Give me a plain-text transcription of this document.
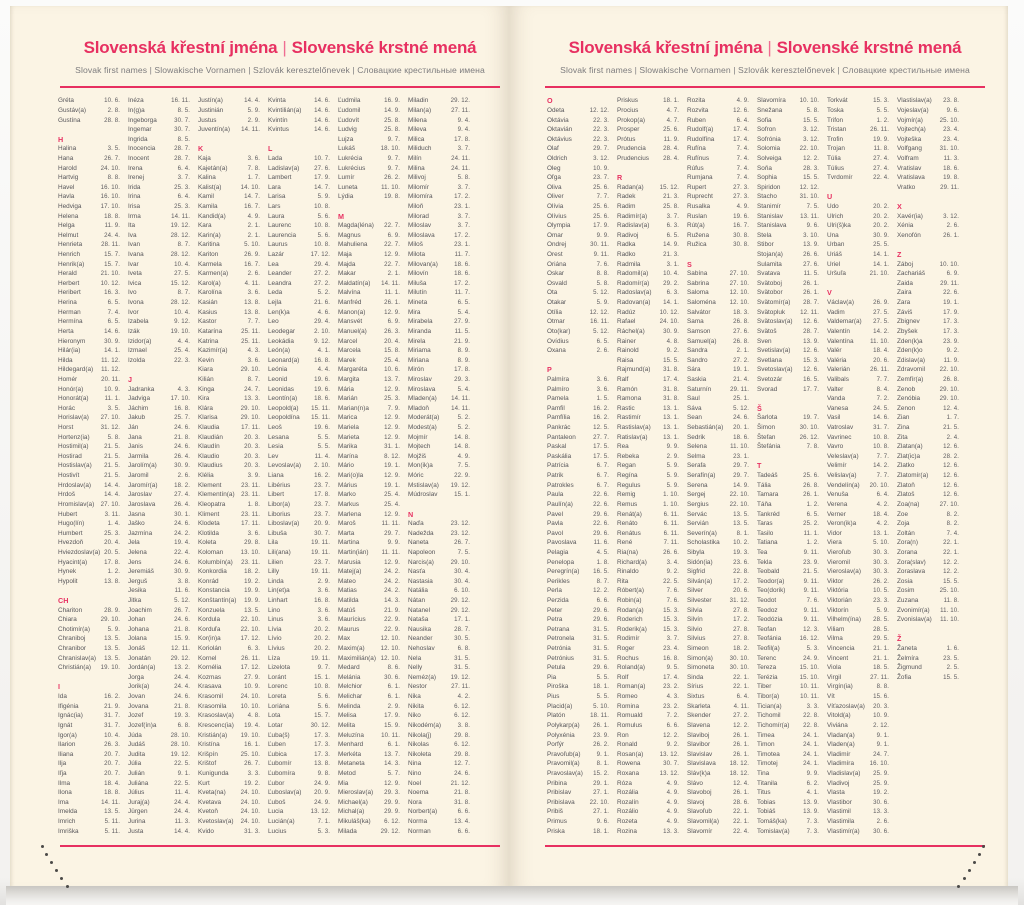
Slovenská křestní jména | Slovenské krstné mená
Slovak first names | Slowakische Vornamen | Szlovák keresztelőnevek | Словацкие крестильные имена
Gréta	10. 6.
Gustáv(a)	2. 8.
Gustína	28. 8.
H
Halina	3. 5.
Hana	26. 7.
Harold	24. 10.
Hartvig	8. 8.
Havel	16. 10.
Havla	16. 10.
Hedviga	17. 10.
Helena	18. 8.
Helga	11. 9.
Helmut	24. 4.
Henrieta	28. 11.
Henrich	15. 7.
Henrik(a)	15. 7.
Herald	21. 10.
Herbert	10. 12.
Heribert	16. 3.
Herina	6. 5.
Herman	7. 4.
Hermína	6. 5.
Herta	14. 6.
Hieronym	30. 9.
Hilár(ia)	14. 1.
Hilda	11. 12.
Hildegard(a) 11. 12.
Homér	20. 11.
Honór(a)	10. 9.
Honorát(a)	11. 1.
Horác	3. 5.
Horislav(a) 27. 10.
Horst	31. 12.
Hortenz(ia)	5. 8.
Hostimil(a)	21. 5.
Hostirad	21. 5.
Hostislav(a) 21. 5.
Hostivít	21. 5.
Hrdoslav(a) 14. 4.
Hrdoš	14. 4.
Hromislav(a) 27. 10.
Hubert	3. 11.
Hugo(lín)	1. 4.
Humbert	25. 3.
Hvezdoň	20. 4.
Hviezdoslav(a) 20. 5.
Hyacint(a)	17. 8.
Hynek	1. 2.
Hypolit	13. 8.
CH
Chariton	28. 9.
Chiara	29. 10.
Chotimír(a)	5. 9.
Chraniboj	13. 5.
Chranibor	13. 5.
Chranislav(a) 13. 5.
Christián(a) 19. 10.
I
Ida	16. 2.
Ifigénia	21. 9.
Ignác(ia)	31. 7.
Ignát	31. 7.
Igor(a)	10. 4.
Ilarion	26. 3.
Iliana	20. 7.
Ilja	20. 7.
Iľja	20. 7.
Ilma	18. 4.
Ilona	18. 8.
Ima	14. 11.
Imelda	13. 5.
Imrich	5. 11.
Imriška	5. 11.
Inéza	16. 11.
In(g)a	8. 5.
Ingeborga	30. 7.
Ingemar	30. 7.
Ingrida	8. 5.
Inocencia	28. 7.
Inocent	28. 7.
Irena	6. 4.
Irenej	3. 7.
Irida	25. 3.
Irina	6. 4.
Irisa	25. 3.
Irma	14. 11.
Ita	19. 12.
Iva	28. 12.
Ivan	8. 7.
Ivana	28. 12.
Ivar	10. 4.
Iveta	27. 5.
Ivica	15. 12.
Ivo	8. 7.
Ivona	28. 12.
Ivor	10. 4.
Izabela	9. 12.
Izák	19. 10.
Izidor(a)	4. 4.
Izmael	25. 4.
Izolda	22. 3.
J
Jadranka	4. 3.
Jadviga	17. 10.
Jáchim	16. 8.
Jakub	25. 7.
Ján	24. 6.
Jana	21. 8.
Janis	24. 6.
Jarmila	26. 4.
Jarolím(a)	30. 9.
Jaromil	2. 6.
Jaromír(a)	18. 2.
Jaroslav	27. 4.
Jaroslava	26. 4.
Jasna	30. 1.
Jaško	24. 6.
Jazmína	24. 2.
Jela	19. 4.
Jelena	22. 4.
Jens	24. 6.
Jeremiáš	30. 9.
Jerguš	3. 8.
Jesika	11. 6.
Jitka	5. 12.
Joachim	26. 7.
Johan	24. 6.
Johana	21. 8.
Jolana	15. 9.
Jonáš	12. 11.
Jonatán	29. 12.
Jordán(a)	13. 2.
Jorga	24. 4.
Jorik(a)	24. 4.
Jovan	24. 6.
Jovana	21. 8.
Jozef	19. 3.
Jozef(ín)a	6. 8.
Júda	28. 10.
Judáš	28. 10.
Judita	19. 12.
Júlia	22. 5.
Julián	9. 1.
Juliána	22. 5.
Július	11. 4.
Juraj(a)	24. 4.
Jürgen	24. 4.
Jurina	11. 3.
Justa	14. 4.
Justín(a)	14. 4.
Justinián	5. 9.
Justus	2. 9.
Juventín(a) 14. 11.
K
Kaja	3. 6.
Kajetán(a)	7. 8.
Kalina	1. 7.
Kalist(a)	14. 10.
Kamil	14. 7.
Kamila	16. 7.
Kandid(a)	4. 9.
Kara	2. 1.
Karin(a)	2. 1.
Karitina	5. 10.
Kariton	26. 9.
Karmela	16. 7.
Karmen(a)	2. 6.
Karol(a)	4. 11.
Karolína	3. 6.
Kasián	13. 8.
Kasius	13. 8.
Kastor	7. 7.
Katarína	25. 11.
Katrina	25. 11.
Kazimír(a)	4. 3.
Kevin	3. 6.
Kiara	29. 10.
Kilián	8. 7.
Kinga	24. 7.
Kira	13. 3.
Klára	29. 10.
Klarisa	29. 10.
Klaudia	17. 11.
Klaudián	20. 3.
Klaudín	20. 3.
Klaudio	20. 3.
Klaudius	20. 3.
Klélia	3. 9.
Klement	23. 11.
Klementín(a) 23. 11.
Kleopatra	1. 8.
Kliment	23. 11.
Klodeta	17. 11.
Klotilda	3. 6.
Koleta	29. 8.
Koloman	13. 10.
Kolumbín(a) 23. 11.
Konkordia	18. 2.
Konrád	19. 2.
Konstancia 19. 9.
Konštantín(a) 19. 9.
Konzuela	13. 5.
Kordula	22. 10.
Korduľa	22. 10.
Kor(in)a	17. 12.
Koriolán	6. 3.
Kornel	26. 11.
Kornélia	17. 12.
Kozmas	27. 9.
Krasava	10. 9.
Krasomil	24. 10.
Krasomila 10. 10.
Krasoslav(a) 4. 8.
Krescenc(ia) 19. 4.
Kristián(a) 19. 10.
Kristína	16. 1.
Krišpín	25. 10.
Krištof	26. 7.
Kunigunda	3. 3.
Kurt	19. 2.
Kveta(na) 24. 10.
Kvetava	24. 10.
Kvetoň	24. 10.
Kvetoslav(a) 24. 10.
Kvido	31. 3.
Kvinta	14. 6.
Kvintilián(a) 14. 6.
Kvintín	14. 6.
Kvintus	14. 6.
L
Lada	10. 7.
Ladislav(a) 27. 6.
Lambert	17. 9.
Lara	14. 7.
Larisa	5. 9.
Lars	10. 8.
Laura	5. 6.
Laurenc	10. 8.
Laurencia	5. 6.
Laurus	10. 8.
Lazár	17. 12.
Lea	29. 4.
Leander	27. 2.
Leandra	27. 2.
Leda	5. 2.
Lejla	21. 6.
Len(k)a	4. 6.
Leo	29. 4.
Leodegar	2. 10.
Leokádia	9. 12.
León(a)	4. 1.
Leonard(a) 16. 8.
Leónia	4. 4.
Leonid	19. 6.
Leonidas	19. 6.
Leontín(a)	18. 6.
Leopold(a) 15. 11.
Leopoldína 15. 11.
Leoš	19. 6.
Lesana	5. 5.
Lesia	5. 5.
Lev	11. 4.
Levoslav(a) 2. 10.
Liana	16. 2.
Libérius	23. 7.
Libert	17. 8.
Libor(a)	23. 7.
Liborius	23. 7.
Liboslav(a) 20. 9.
Libuša	30. 7.
Lila	19. 11.
Lili(ana)	19. 11.
Lilien	23. 7.
Lilly	19. 11.
Linda	2. 9.
Lin(et)a	3. 6.
Linhart	16. 8.
Lino	3. 6.
Linus	3. 6.
Lívia	20. 2.
Lívio	20. 2.
Lívius	20. 2.
Líza	19. 11.
Lizelota	9. 7.
Loránt	15. 1.
Lorenc	10. 8.
Loreta	5. 6.
Loriána	5. 6.
Lota	15. 7.
Lotar	30. 12.
Ľuba(š)	17. 3.
Ľuben	17. 3.
Ľubica	17. 3.
Ľubomír	13. 8.
Ľubomíra	9. 8.
Ľubor	24. 9.
Ľuboslav(a) 20. 9.
Ľuboš	24. 9.
Lucia	13. 12.
Lucián(a)	7. 1.
Lucius	5. 3.
Ľudmila	16. 9.
Ľudomil	14. 9.
Ľudovít	25. 8.
Ludvig	25. 8.
Lujza	9. 7.
Lukáš	18. 10.
Lukrécia	9. 7.
Lukrécius	9. 7.
Lumír	26. 2.
Luneta	11. 10.
Lýdia	19. 8.
M
Magda(léna) 22. 7.
Magnus	6. 9.
Mahuliena	22. 7.
Maja	12. 9.
Majda	22. 7.
Makar	2. 1.
Maldatín(a) 14. 11.
Malvína	11. 1.
Manfréd	26. 1.
Manon(a)	12. 9.
Mansvét	6. 9.
Manuel(a)	26. 3.
Marcel	20. 4.
Marcela	15. 8.
Marek	25. 4.
Margaréta	10. 6.
Margita	13. 7.
Mária	12. 9.
Marián	25. 3.
Marian(n)a	7. 9.
Marica	12. 9.
Mariela	12. 9.
Marieta	12. 9.
Marika	31. 1.
Marína	8. 12.
Mário	19. 1.
Mari(o)la	12. 9.
Márius	19. 1.
Marko	25. 4.
Markus	25. 4.
Marlena	12. 9.
Maroš	11. 11.
Marta	29. 7.
Martina	9. 9.
Martin(ián) 11. 11.
Marusia	12. 9.
Matej(a)	24. 2.
Mateo	24. 2.
Matias	24. 2.
Matilda	14. 3.
Matúš	21. 9.
Maurícius	22. 9.
Maurus	22. 9.
Max	12. 10.
Maxim(a)	12. 10.
Maximilián(a) 12. 10.
Medard	8. 6.
Melánia	30. 6.
Melchior	6. 1.
Melichar	6. 1.
Melinda	2. 9.
Melisa	17. 9.
Melita	15. 9.
Meluzína	10. 11.
Menhard	6. 1.
Merkéta	13. 7.
Metaneta	14. 3.
Metod	5. 7.
Mia	12. 9.
Mieroslav(a) 29. 3.
Michael(a)	29. 9.
Michal(a)	29. 9.
Mikuláš(ka) 6. 12.
Milada	29. 12.
Miladin	29. 12.
Milan(a)	27. 11.
Milena	9. 4.
Mileva	9. 4.
Milica	17. 8.
Miliduch	3. 7.
Milín	24. 11.
Milina	24. 11.
Milivoj	5. 8.
Milomír	3. 7.
Milomíra	17. 2.
Miloň	23. 1.
Milorad	3. 7.
Miloslav	3. 7.
Miloslava	17. 2.
Miloš	23. 1.
Milota	11. 7.
Milovan(a)	18. 6.
Milovín	18. 6.
Miluša	17. 2.
Milutín	11. 7.
Mineta	6. 5.
Mira	5. 4.
Mirabela	27. 9.
Miranda	11. 5.
Mirela	21. 9.
Miriama	8. 9.
Miriana	8. 9.
Mirón	17. 8.
Miroslav	29. 3.
Miroslava	5. 4.
Mladen(a) 14. 11.
Mladoň	14. 11.
Moderát(a)	5. 2.
Modest(a)	5. 2.
Mojmír	14. 8.
Mojtech	14. 8.
Mojžiš	4. 9.
Mon(ik)a	7. 5.
Móric	22. 9.
Mstislav(a) 19. 12.
Múdroslav	15. 1.
N
Naďa	23. 12.
Nadežda	23. 12.
Naneta	26. 7.
Napoleon	7. 5.
Narcis(a)	29. 10.
Nasťa	30. 4.
Nastasia	30. 4.
Natália	6. 10.
Nátan	29. 12.
Natanel	29. 12.
Nataša	17. 1.
Nausika	28. 7.
Neander	30. 5.
Nehoslav	6. 8.
Nela	31. 5.
Nelly	31. 5.
Neméz(a) 19. 12.
Nestor	27. 11.
Nika	4. 2.
Nikita	6. 12.
Niko	6. 12.
Nikodém(a)	3. 8.
Nikola(j)	29. 8.
Nikolas	6. 12.
Nikoleta	29. 8.
Nina	12. 7.
Nino	24. 6.
Noel	21. 12.
Noema	21. 8.
Nora	31. 8.
Norbert(a)	6. 6.
Norma	13. 4.
Norman	6. 6.
Slovenská křestní jména | Slovenské krstné mená
Slovak first names | Slowakische Vornamen | Szlovák keresztelőnevek | Словацкие крестильные имена
O
Odeta	12. 12.
Oktávia	22. 3.
Oktavián	22. 3.
Oktávius	22. 3.
Olaf	29. 7.
Oldrich	3. 12.
Oleg	10. 9.
Oľga	23. 7.
Oliva	25. 6.
Oliver	7. 7.
Olívia	25. 6.
Olívius	25. 6.
Olympia	17. 9.
Omar	9. 9.
Ondrej	30. 11.
Orest	9. 11.
Oriána	7. 6.
Oskar	8. 8.
Osvald	5. 8.
Ota	5. 12.
Otakar	5. 9.
Otília	12. 12.
Otmar	16. 11.
Oto(kar)	5. 12.
Ovídius	6. 5.
Oxana	2. 6.
P
Palmíra	3. 6.
Palmíro	3. 6.
Pamela	1. 5.
Pamfil	16. 2.
Pamfília	16. 2.
Pankrác	12. 5.
Pantaleon	27. 7.
Paskal	17. 5.
Paskália	17. 5.
Patrícia	6. 7.
Patrik	6. 7.
Patrokles	6. 7.
Paula	22. 6.
Paulín(a)	22. 6.
Pavel	29. 6.
Pavla	22. 6.
Pavol	29. 6.
Pavoslava	11. 6.
Pelagia	4. 5.
Penelopa	1. 8.
Peregrín(a) 16. 5.
Perikles	8. 7.
Perla	12. 2.
Perzida	6. 6.
Peter	29. 6.
Petra	29. 6.
Petrana	31. 5.
Petronela	31. 5.
Petrónia	31. 5.
Petrónius	31. 5.
Petula	29. 6.
Pia	5. 5.
Piroška	18. 1.
Pius	5. 5.
Placid(a)	5. 10.
Platón	18. 11.
Polykarp(a) 26. 1.
Polyxénia	23. 9.
Porfýr	26. 2.
Pravoľub(a)	9. 1.
Pravomil(a)	8. 1.
Pravoslav(a) 15. 2.
Pribina	29. 1.
Pribislav	27. 1.
Pribislava 22. 10.
Pribiš	27. 1.
Primus	9. 6.
Priska	18. 1.
Priskus	18. 1.
Procius	4. 7.
Prokop(a)	4. 7.
Prosper	25. 6.
Prótus	11. 9.
Prudencia	28. 4.
Prudencius 28. 4.
R
Radan(a)	15. 12.
Radek	21. 3.
Radim	25. 8.
Radimír(a)	3. 7.
Radislav(a)	6. 3.
Radivoj	6. 5.
Radka	14. 9.
Radko	21. 3.
Radmila	3. 1.
Radomil(a) 10. 4.
Radomír(a) 29. 2.
Radoslav(a) 6. 3.
Radovan(a) 14. 1.
Radúz	10. 12.
Rafael	24. 10.
Ráchel(a)	30. 9.
Rainer	4. 8.
Rainold	9. 2.
Raisa	15. 5.
Rajmund(a) 31. 8.
Ralf	17. 4.
Ramón	31. 8.
Ramona	31. 8.
Rastic	13. 1.
Rastimír	13. 1.
Rastislav(a) 13. 1.
Ratislav(a)	13. 1.
Rea	9. 9.
Rebeka	2. 9.
Regan	5. 9.
Regína	5. 9.
Regulus	5. 9.
Remig	1. 10.
Remus	1. 10.
Renát(a)	6. 11.
Renáto	6. 11.
Renátus	6. 11.
René	7. 11.
Ria(na)	26. 6.
Richard(a)	3. 4.
Rinaldo	9. 2.
Rita	22. 5.
Róbert(a)	7. 6.
Robin(a)	7. 6.
Rodan(a)	15. 3.
Roderich	15. 3.
Roderik(a)	15. 3.
Rodimír	3. 7.
Roger	23. 4.
Rochus	16. 8.
Roland(a)	9. 5.
Rolf	17. 4.
Roman(a)	23. 2.
Romeo	4. 3.
Romina	23. 2.
Romuald	7. 2.
Romulus	6. 6.
Ron	12. 2.
Ronald	9. 2.
Rosan(a)	13. 12.
Rowena	30. 7.
Roxana	13. 12.
Róza	4. 9.
Rozália	4. 9.
Rozalín	4. 9.
Rozálio	4. 9.
Rozeta	4. 9.
Rozina	13. 3.
Rozita	4. 9.
Rozvita	12. 6.
Ruben	6. 4.
Rudolf(a)	17. 4.
Rudolfína	17. 4.
Rufína	7. 4.
Rufínus	7. 4.
Rúfus	7. 4.
Rumjana	7. 4.
Rupert	27. 3.
Ruprecht	27. 3.
Rusalka	4. 9.
Ruslan	19. 6.
Rút(a)	16. 7.
Ružena	30. 8.
Ružica	30. 8.
S
Sabína	27. 10.
Sabrina	27. 10.
Saloma	12. 10.
Saloména 12. 10.
Salvátor	18. 3.
Sama	26. 8.
Samson	27. 6.
Samuel(a)	26. 8.
Sandra	2. 1.
Sandro	27. 2.
Sára	19. 1.
Saskia	21. 4.
Saturnín	29. 11.
Saul	25. 1.
Sáva	5. 12.
Sean	24. 6.
Sebastián(a) 20. 1.
Sedrik	18. 6.
Selena	11. 10.
Selma	23. 1.
Serafa	29. 7.
Serafín(a)	29. 7.
Serena	14. 9.
Sergej	22. 10.
Sergius	22. 10.
Servác	13. 5.
Servián	13. 5.
Severín(a)	8. 1.
Scholastika 10. 2.
Sibyla	19. 3.
Sidón(ia)	23. 6.
Sigfrid	22. 8.
Silván(a)	17. 2.
Silver	20. 6.
Silvester	31. 12.
Silvia	27. 8.
Silvín	17. 2.
Silvio	27. 8.
Silvius	27. 8.
Simeon	18. 2.
Simon(a)	30. 10.
Simoneta	30. 10.
Sinda	22. 1.
Sírius	22. 1.
Sixtus	6. 4.
Skarleta	4. 11.
Skender	27. 2.
Slavena	12. 2.
Slaviboj	26. 1.
Slavibor	26. 1.
Slavislav	26. 1.
Slavislava 18. 12.
Sláv(k)a	18. 12.
Slávo	12. 4.
Slavoboj	26. 1.
Slavoj	28. 6.
Slavoľub	22. 1.
Slavomil(a) 22. 1.
Slavomír	22. 4.
Slavomíra 10. 10.
Snežana	5. 8.
Sofia	15. 5.
Sofron	3. 12.
Sofrónia	3. 12.
Solomia	22. 10.
Solveiga	12. 2.
Soňa	28. 3.
Sophia	15. 5.
Spiridon	12. 12.
Stacho	31. 10.
Stanimír	7. 5.
Stanislav	13. 11.
Stanislava	9. 6.
Stela	3. 10.
Stibor	13. 9.
Stojan(a)	26. 6.
Sulamita	27. 6.
Svatava	11. 5.
Svätoboj	26. 1.
Svätobor	26. 1.
Svätomír(a) 28. 7.
Svätopluk 12. 11.
Svätoslav(a) 12. 6.
Svätoš	28. 7.
Sven	13. 9.
Svetislav(a) 12. 6.
Svetlana	15. 3.
Svetoslav(a) 12. 6.
Svetozár	16. 5.
Svorad	17. 7.
Š
Šarlota	19. 7.
Šimon	30. 10.
Štefan	26. 12.
Štefánia	7. 8.
T
Tadeáš	25. 6.
Tália	26. 8.
Tamara	26. 1.
Táňa	1. 2.
Tankréd	6. 5.
Taras	25. 2.
Tasilo	11. 1.
Tatiana	1. 2.
Tea	9. 11.
Tekla	23. 9.
Teobald	21. 5.
Teodor(a)	9. 11.
Teo(dorik)	9. 11.
Teodot	7. 6.
Teodoz	9. 11.
Teodózia	9. 11.
Teofan	12. 3.
Teofánia	16. 12.
Teofil(a)	5. 3.
Terenc	24. 9.
Tereza	15. 10.
Terézia	15. 10.
Tiber	10. 11.
Tibor(a)	10. 11.
Tician(a)	3. 3.
Tichomil	22. 8.
Tichomír(a) 22. 8.
Timea	24. 1.
Timon	24. 1.
Timotea	24. 1.
Timotej	24. 1.
Tina	9. 9.
Titanila	6. 2.
Titus	4. 1.
Tobias	13. 9.
Tobiáš	13. 9.
Tomáš(ka)	7. 3.
Tomislav(a)	7. 3.
Torkvát	15. 3.
Toska	5. 5.
Trifon	1. 2.
Tristan	26. 11.
Trofin	19. 9.
Trojan	11. 8.
Túlia	27. 4.
Túlius	27. 4.
Tvrdomír	22. 4.
U
Udo	20. 2.
Ulrich	20. 2.
Ulri(š)ka	20. 2.
Una	30. 9.
Urban	25. 5.
Uriáš	14. 1.
Uriel	14. 1.
Uršuľa	21. 10.
V
Václav(a)	26. 9.
Vadim	27. 5.
Valdemar(a) 27. 5.
Valentín	14. 2.
Valentína	11. 10.
Valér	18. 4.
Valéria	20. 6.
Valerián	26. 11.
Valibals	7. 7.
Valter	8. 4.
Vanda	7. 2.
Vanesa	24. 5.
Vasil	14. 6.
Vatroslav	31. 7.
Vavrinec	10. 8.
Vavro	10. 8.
Veleslav(a)	7. 7.
Velimír	14. 2.
Velislav(a)	7. 7.
Vendelín(a) 20. 10.
Venuša	6. 4.
Verena	4. 2.
Verner	18. 4.
Veron(ik)a	4. 2.
Vidor	13. 1.
Viera	5. 10.
Vieroľub	30. 3.
Vieromil	30. 3.
Vieroslav(a) 30. 3.
Viktor	26. 2.
Viktória	10. 5.
Viktorián	23. 3.
Viktorín	5. 9.
Vilhelm(ína) 28. 5.
Viliam	28. 5.
Vilma	29. 5.
Vincencia	21. 1.
Vincent	21. 1.
Viola	18. 5.
Virgil	27. 11.
Virgín(ia)	8. 8.
Vít	15. 6.
Víťazoslav(a) 20. 3.
Vitold(a)	10. 9.
Viviána	2. 12.
Vladan(a)	9. 1.
Vladen(a)	9. 1.
Vladimír	24. 7.
Vladimíra	16. 10.
Vladislav(a) 25. 9.
Vladivoj	25. 9.
Vlasta	19. 2.
Vlastibor	30. 6.
Vlastimil	13. 3.
Vlastimila	2. 6.
Vlastimír(a) 30. 6.
Vlastislav(a) 23. 8.
Vojeslav(a)	9. 6.
Vojmír(a)	25. 10.
Vojtech(a)	23. 4.
Vojteška	23. 4.
Volfgang	31. 10.
Volfram	11. 3.
Vratislav	18. 6.
Vratislava	19. 8.
Vratko	29. 11.
X
Xavér(ia)	3. 12.
Xénia	2. 6.
Xenofón	26. 1.
Z
Záboj	10. 10.
Zachariáš	6. 9.
Zaida	29. 11.
Zaira	22. 6.
Zara	19. 1.
Záviš	17. 9.
Zbignev	17. 3.
Zbyšek	17. 3.
Zden(k)a	23. 9.
Zden(k)o	9. 2.
Zdislav(a)	11. 9.
Zdravomil 22. 10.
Zemfír(a)	26. 8.
Zenob	29. 10.
Zenóbia	29. 10.
Zenon	12. 4.
Zian	1. 7.
Zina	21. 5.
Zita	2. 4.
Zlatan(a)	12. 6.
Zlat(ic)a	28. 2.
Zlatko	12. 6.
Zlatomír(a) 12. 6.
Zlatoň	12. 6.
Zlatoš	12. 6.
Zoa(na)	27. 10.
Zoe	8. 2.
Zoja	8. 2.
Zoltán	7. 4.
Zora(n)	22. 1.
Zorana	22. 1.
Zora(slav)	12. 2.
Zoraslava	12. 2.
Zosia	15. 5.
Zosim	25. 10.
Zuzana	11. 8.
Zvonimír(a) 11. 10.
Zvonislav(a) 11. 10.
Ž
Žaneta	1. 6.
Želmíra	23. 5.
Žigmund	2. 5.
Žofia	15. 5.
